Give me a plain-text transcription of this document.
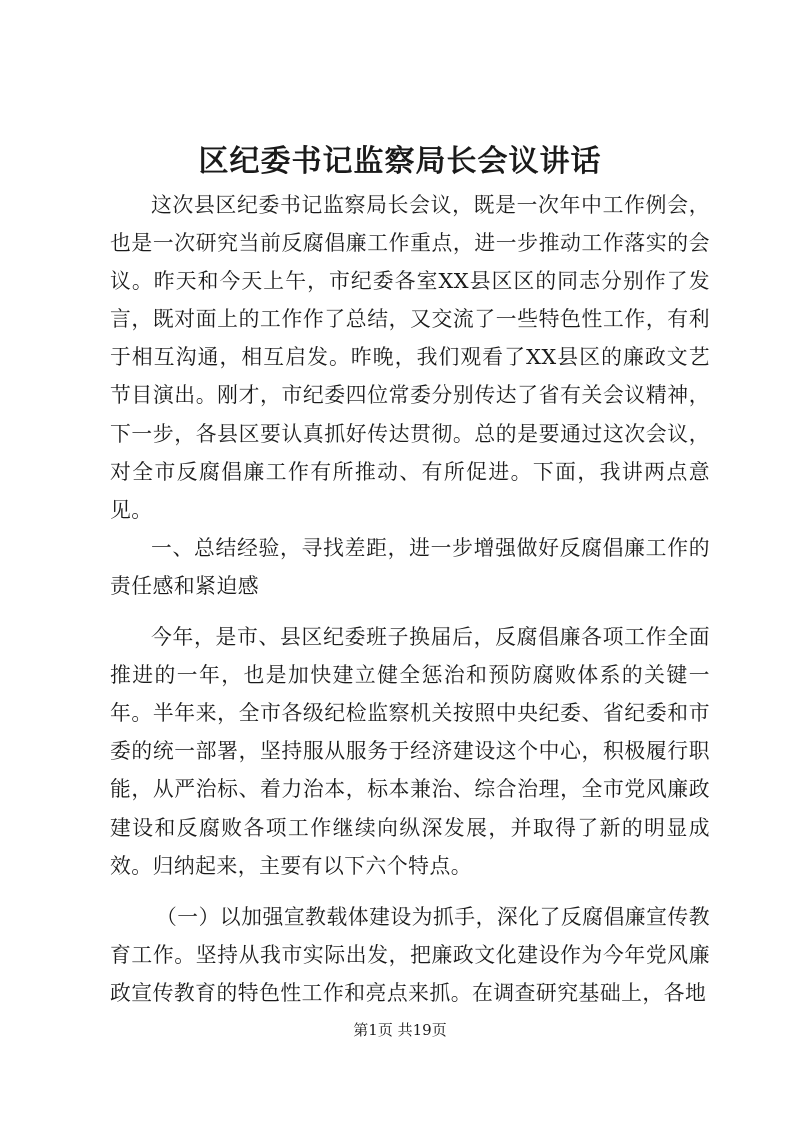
区纪委书记监察局长会议讲话

这次县区纪委书记监察局长会议，既是一次年中工作例会，也是一次研究当前反腐倡廉工作重点，进一步推动工作落实的会议。昨天和今天上午，市纪委各室XX县区区的同志分别作了发言，既对面上的工作作了总结，又交流了一些特色性工作，有利于相互沟通，相互启发。昨晚，我们观看了XX县区的廉政文艺节目演出。刚才，市纪委四位常委分别传达了省有关会议精神，下一步，各县区要认真抓好传达贯彻。总的是要通过这次会议，对全市反腐倡廉工作有所推动、有所促进。下面，我讲两点意见。

一、总结经验，寻找差距，进一步增强做好反腐倡廉工作的责任感和紧迫感

今年，是市、县区纪委班子换届后，反腐倡廉各项工作全面推进的一年，也是加快建立健全惩治和预防腐败体系的关键一年。半年来，全市各级纪检监察机关按照中央纪委、省纪委和市委的统一部署，坚持服从服务于经济建设这个中心，积极履行职能，从严治标、着力治本，标本兼治、综合治理，全市党风廉政建设和反腐败各项工作继续向纵深发展，并取得了新的明显成效。归纳起来，主要有以下六个特点。

（一）以加强宣教载体建设为抓手，深化了反腐倡廉宣传教育工作。坚持从我市实际出发，把廉政文化建设作为今年党风廉政宣传教育的特色性工作和亮点来抓。在调查研究基础上，各地

第1页 共19页
